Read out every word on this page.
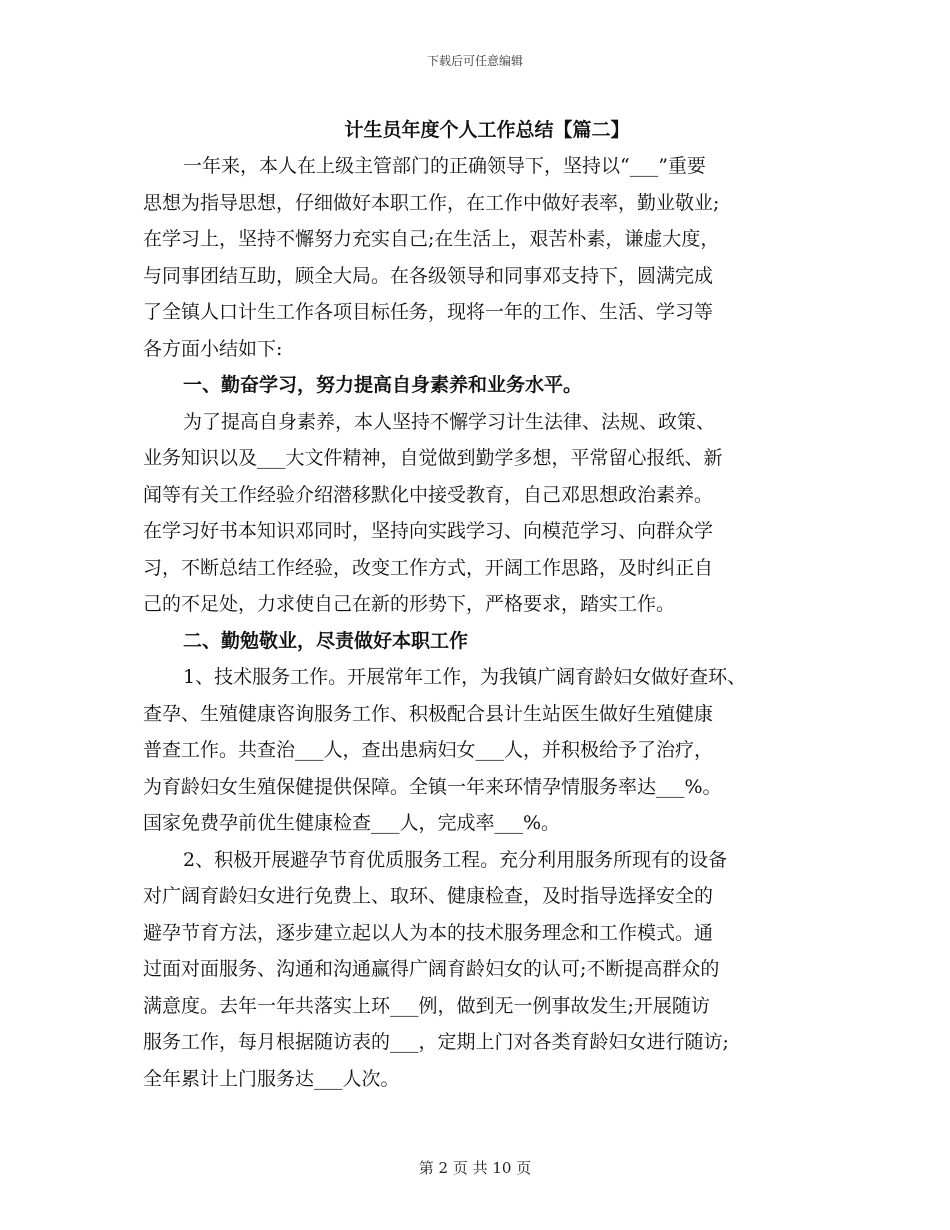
下载后可任意编辑
计生员年度个人工作总结【篇二】
一年来，本人在上级主管部门的正确领导下，坚持以“___”重要
思想为指导思想，仔细做好本职工作，在工作中做好表率，勤业敬业;
在学习上，坚持不懈努力充实自己;在生活上，艰苦朴素，谦虚大度，
与同事团结互助，顾全大局。在各级领导和同事邓支持下，圆满完成
了全镇人口计生工作各项目标任务，现将一年的工作、生活、学习等
各方面小结如下:
一、勤奋学习，努力提高自身素养和业务水平。
为了提高自身素养，本人坚持不懈学习计生法律、法规、政策、
业务知识以及___大文件精神，自觉做到勤学多想，平常留心报纸、新
闻等有关工作经验介绍潜移默化中接受教育，自己邓思想政治素养。
在学习好书本知识邓同时，坚持向实践学习、向模范学习、向群众学
习，不断总结工作经验，改变工作方式，开阔工作思路，及时纠正自
己的不足处，力求使自己在新的形势下，严格要求，踏实工作。
二、勤勉敬业，尽责做好本职工作
1、技术服务工作。开展常年工作，为我镇广阔育龄妇女做好查环、
查孕、生殖健康咨询服务工作、积极配合县计生站医生做好生殖健康
普查工作。共查治___人，查出患病妇女___人，并积极给予了治疗，
为育龄妇女生殖保健提供保障。全镇一年来环情孕情服务率达___%。
国家免费孕前优生健康检查___人，完成率___%。
2、积极开展避孕节育优质服务工程。充分利用服务所现有的设备
对广阔育龄妇女进行免费上、取环、健康检查，及时指导选择安全的
避孕节育方法，逐步建立起以人为本的技术服务理念和工作模式。通
过面对面服务、沟通和沟通赢得广阔育龄妇女的认可;不断提高群众的
满意度。去年一年共落实上环___例，做到无一例事故发生;开展随访
服务工作，每月根据随访表的___，定期上门对各类育龄妇女进行随访;
全年累计上门服务达___人次。
第 2 页 共 10 页
